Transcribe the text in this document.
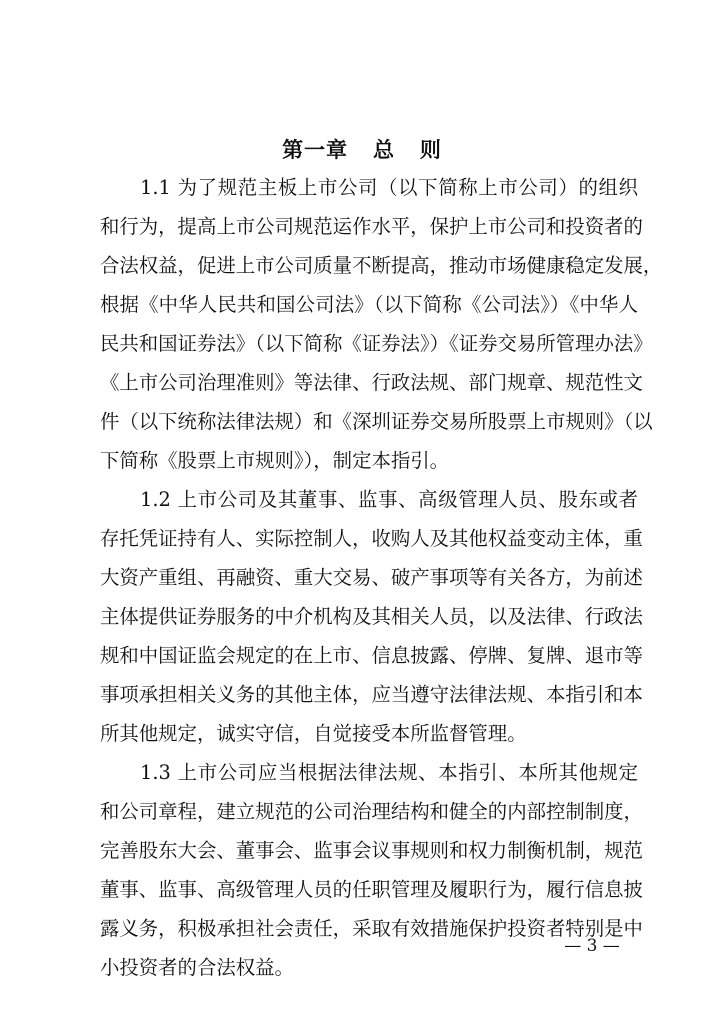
第一章   总   则
1.1 为了规范主板上市公司（以下简称上市公司）的组织
和行为，提高上市公司规范运作水平，保护上市公司和投资者的
合法权益，促进上市公司质量不断提高，推动市场健康稳定发展，
根据《中华人民共和国公司法》（以下简称《公司法》）《中华人
民共和国证券法》（以下简称《证券法》）《证券交易所管理办法》
《上市公司治理准则》等法律、行政法规、部门规章、规范性文
件（以下统称法律法规）和《深圳证券交易所股票上市规则》（以
下简称《股票上市规则》），制定本指引。
1.2 上市公司及其董事、监事、高级管理人员、股东或者
存托凭证持有人、实际控制人，收购人及其他权益变动主体，重
大资产重组、再融资、重大交易、破产事项等有关各方，为前述
主体提供证券服务的中介机构及其相关人员，以及法律、行政法
规和中国证监会规定的在上市、信息披露、停牌、复牌、退市等
事项承担相关义务的其他主体，应当遵守法律法规、本指引和本
所其他规定，诚实守信，自觉接受本所监督管理。
1.3 上市公司应当根据法律法规、本指引、本所其他规定
和公司章程，建立规范的公司治理结构和健全的内部控制制度，
完善股东大会、董事会、监事会议事规则和权力制衡机制，规范
董事、监事、高级管理人员的任职管理及履职行为，履行信息披
露义务，积极承担社会责任，采取有效措施保护投资者特别是中
小投资者的合法权益。
— 3 —
